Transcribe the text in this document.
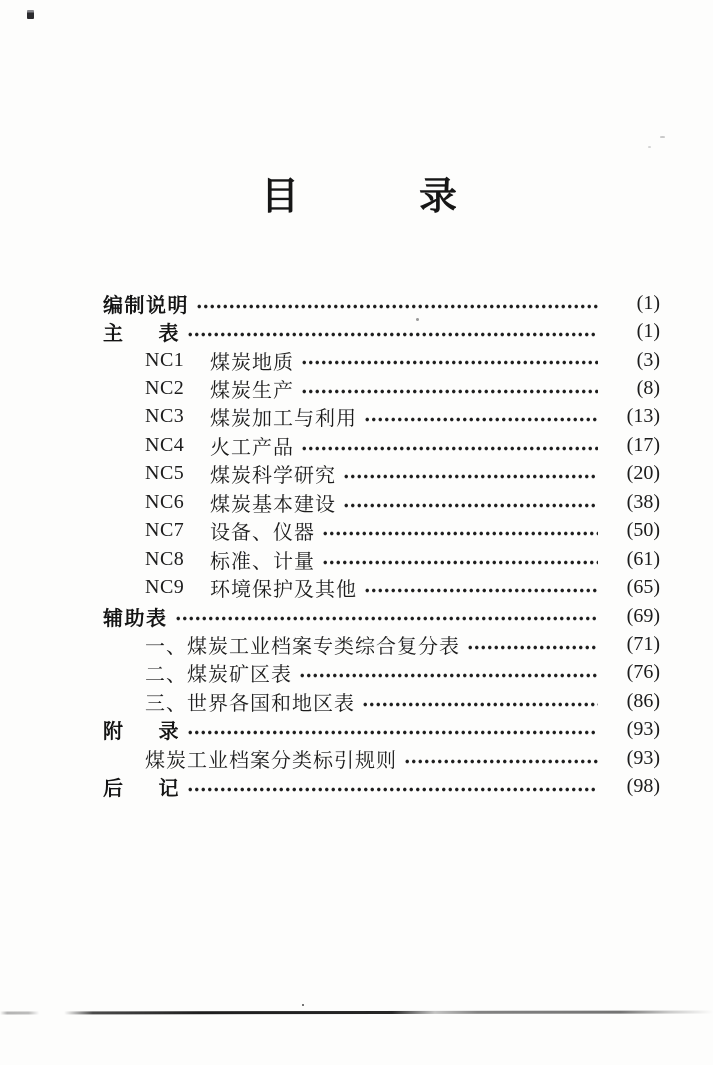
目	录
编制说明	(1)
主 表	(1)
NC1	煤炭地质	(3)
NC2	煤炭生产	(8)
NC3	煤炭加工与利用	(13)
NC4	火工产品	(17)
NC5	煤炭科学研究	(20)
NC6	煤炭基本建设	(38)
NC7	设备、仪器	(50)
NC8	标准、计量	(61)
NC9	环境保护及其他	(65)
辅助表	(69)
一、煤炭工业档案专类综合复分表	(71)
二、煤炭矿区表	(76)
三、世界各国和地区表	(86)
附 录	(93)
煤炭工业档案分类标引规则	(93)
后 记	(98)
